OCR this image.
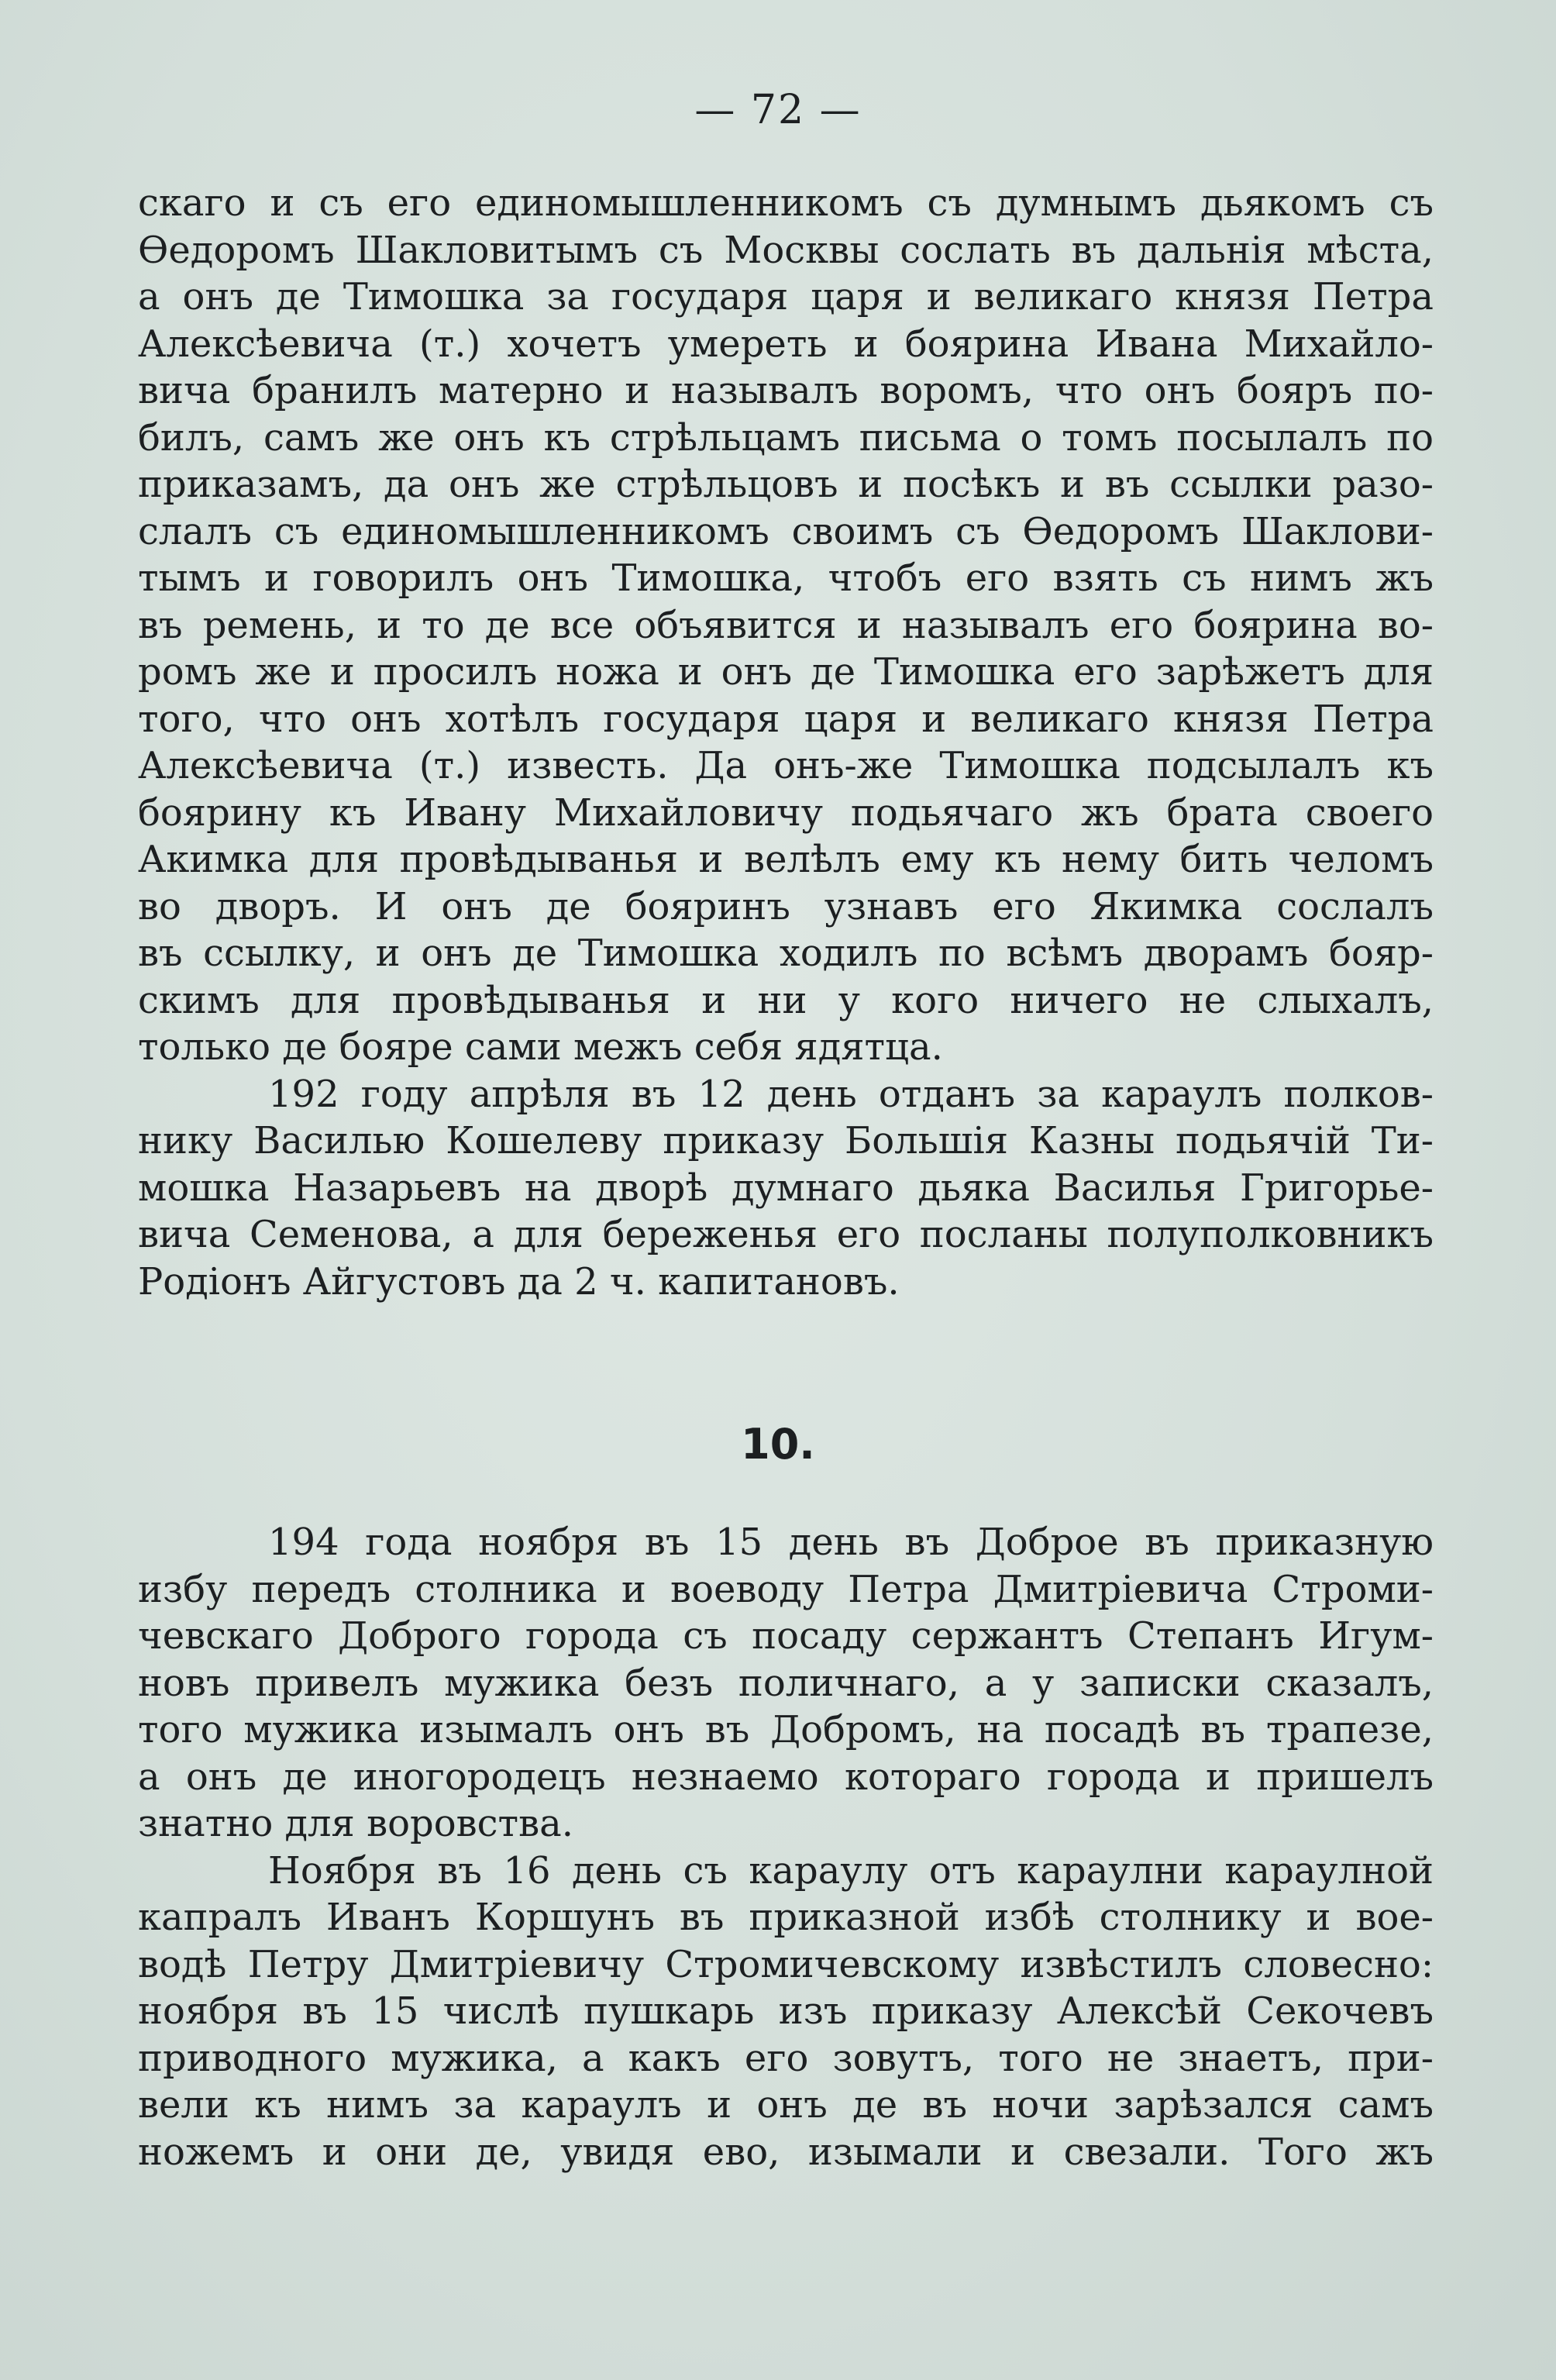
— 72 —
скаго и съ его единомышленникомъ съ думнымъ дьякомъ съ
Ѳедоромъ Шакловитымъ съ Москвы сослать въ дальнія мѣста,
а онъ де Тимошка за государя царя и великаго князя Петра
Алексѣевича (т.) хочетъ умереть и боярина Ивана Михайло-
вича бранилъ матерно и называлъ воромъ, что онъ бояръ по-
билъ, самъ же онъ къ стрѣльцамъ письма о томъ посылалъ по
приказамъ, да онъ же стрѣльцовъ и посѣкъ и въ ссылки разо-
слалъ съ единомышленникомъ своимъ съ Ѳедоромъ Шаклови-
тымъ и говорилъ онъ Тимошка, чтобъ его взять съ нимъ жъ
въ ремень, и то де все объявится и называлъ его боярина во-
ромъ же и просилъ ножа и онъ де Тимошка его зарѣжетъ для
того, что онъ хотѣлъ государя царя и великаго князя Петра
Алексѣевича (т.) известь. Да онъ-же Тимошка подсылалъ къ
боярину къ Ивану Михайловичу подьячаго жъ брата своего
Акимка для провѣдыванья и велѣлъ ему къ нему бить челомъ
во дворъ. И онъ де бояринъ узнавъ его Якимка сослалъ
въ ссылку, и онъ де Тимошка ходилъ по всѣмъ дворамъ бояр-
скимъ для провѣдыванья и ни у кого ничего не слыхалъ,
только де бояре сами межъ себя ядятца.
192 году апрѣля въ 12 день отданъ за караулъ полков-
нику Василью Кошелеву приказу Большія Казны подьячій Ти-
мошка Назарьевъ на дворѣ думнаго дьяка Василья Григорье-
вича Семенова, а для береженья его посланы полуполковникъ
Родіонъ Айгустовъ да 2 ч. капитановъ.
10.
194 года ноября въ 15 день въ Доброе въ приказную
избу передъ столника и воеводу Петра Дмитріевича Строми-
чевскаго Доброго города съ посаду сержантъ Степанъ Игум-
новъ привелъ мужика безъ поличнаго, а у записки сказалъ,
того мужика изымалъ онъ въ Добромъ, на посадѣ въ трапезе,
а онъ де иногородецъ незнаемо котораго города и пришелъ
знатно для воровства.
Ноября въ 16 день съ караулу отъ караулни караулной
капралъ Иванъ Коршунъ въ приказной избѣ столнику и вое-
водѣ Петру Дмитріевичу Стромичевскому извѣстилъ словесно:
ноября въ 15 числѣ пушкарь изъ приказу Алексѣй Секочевъ
приводного мужика, а какъ его зовутъ, того не знаетъ, при-
вели къ нимъ за караулъ и онъ де въ ночи зарѣзался самъ
ножемъ и они де, увидя ево, изымали и свезали. Того жъ
